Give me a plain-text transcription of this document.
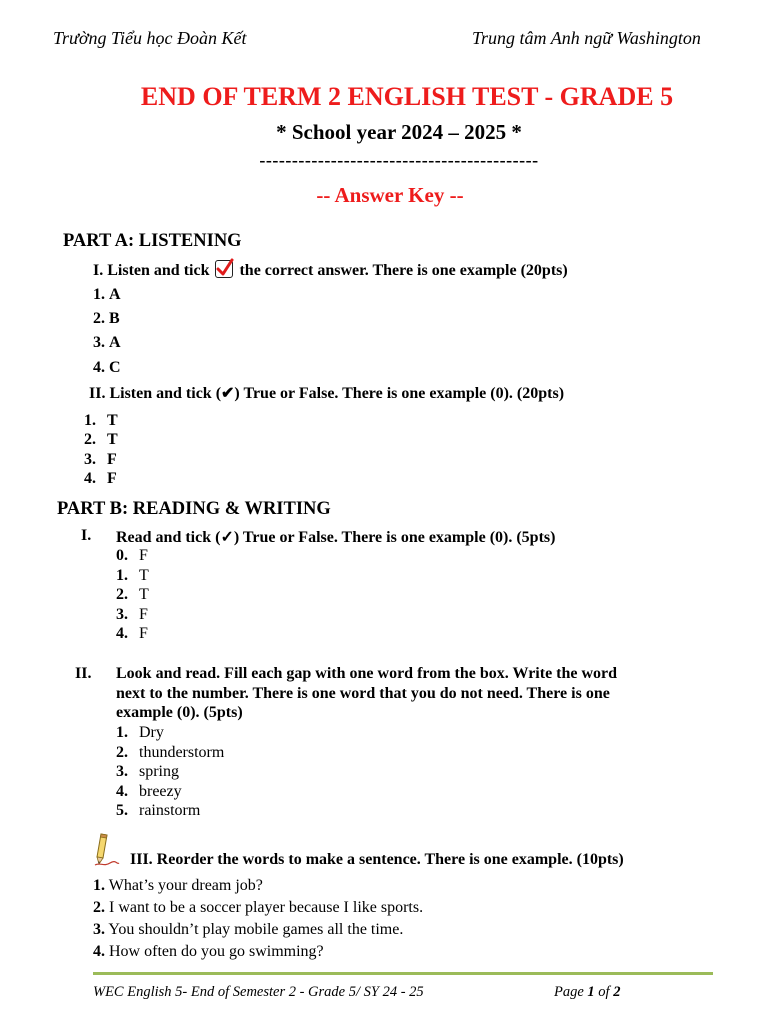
Trường Tiểu học Đoàn Kết	Trung tâm Anh ngữ Washington
END OF TERM 2 ENGLISH TEST - GRADE 5
* School year 2024 – 2025 *
-------------------------------------------
-- Answer Key --
PART A: LISTENING
I. Listen and tick the correct answer. There is one example (20pts)
1. A
2. B
3. A
4. C
II. Listen and tick (✔) True or False. There is one example (0). (20pts)
1. T
2. T
3. F
4. F
PART B: READING & WRITING
I. Read and tick (✓) True or False. There is one example (0). (5pts)
0. F
1. T
2. T
3. F
4. F
II. Look and read. Fill each gap with one word from the box. Write the word
next to the number. There is one word that you do not need. There is one
example (0). (5pts)
1. Dry
2. thunderstorm
3. spring
4. breezy
5. rainstorm
III. Reorder the words to make a sentence. There is one example. (10pts)
1. What’s your dream job?
2. I want to be a soccer player because I like sports.
3. You shouldn’t play mobile games all the time.
4. How often do you go swimming?
WEC English 5- End of Semester 2 - Grade 5/ SY 24 - 25	Page 1 of 2
